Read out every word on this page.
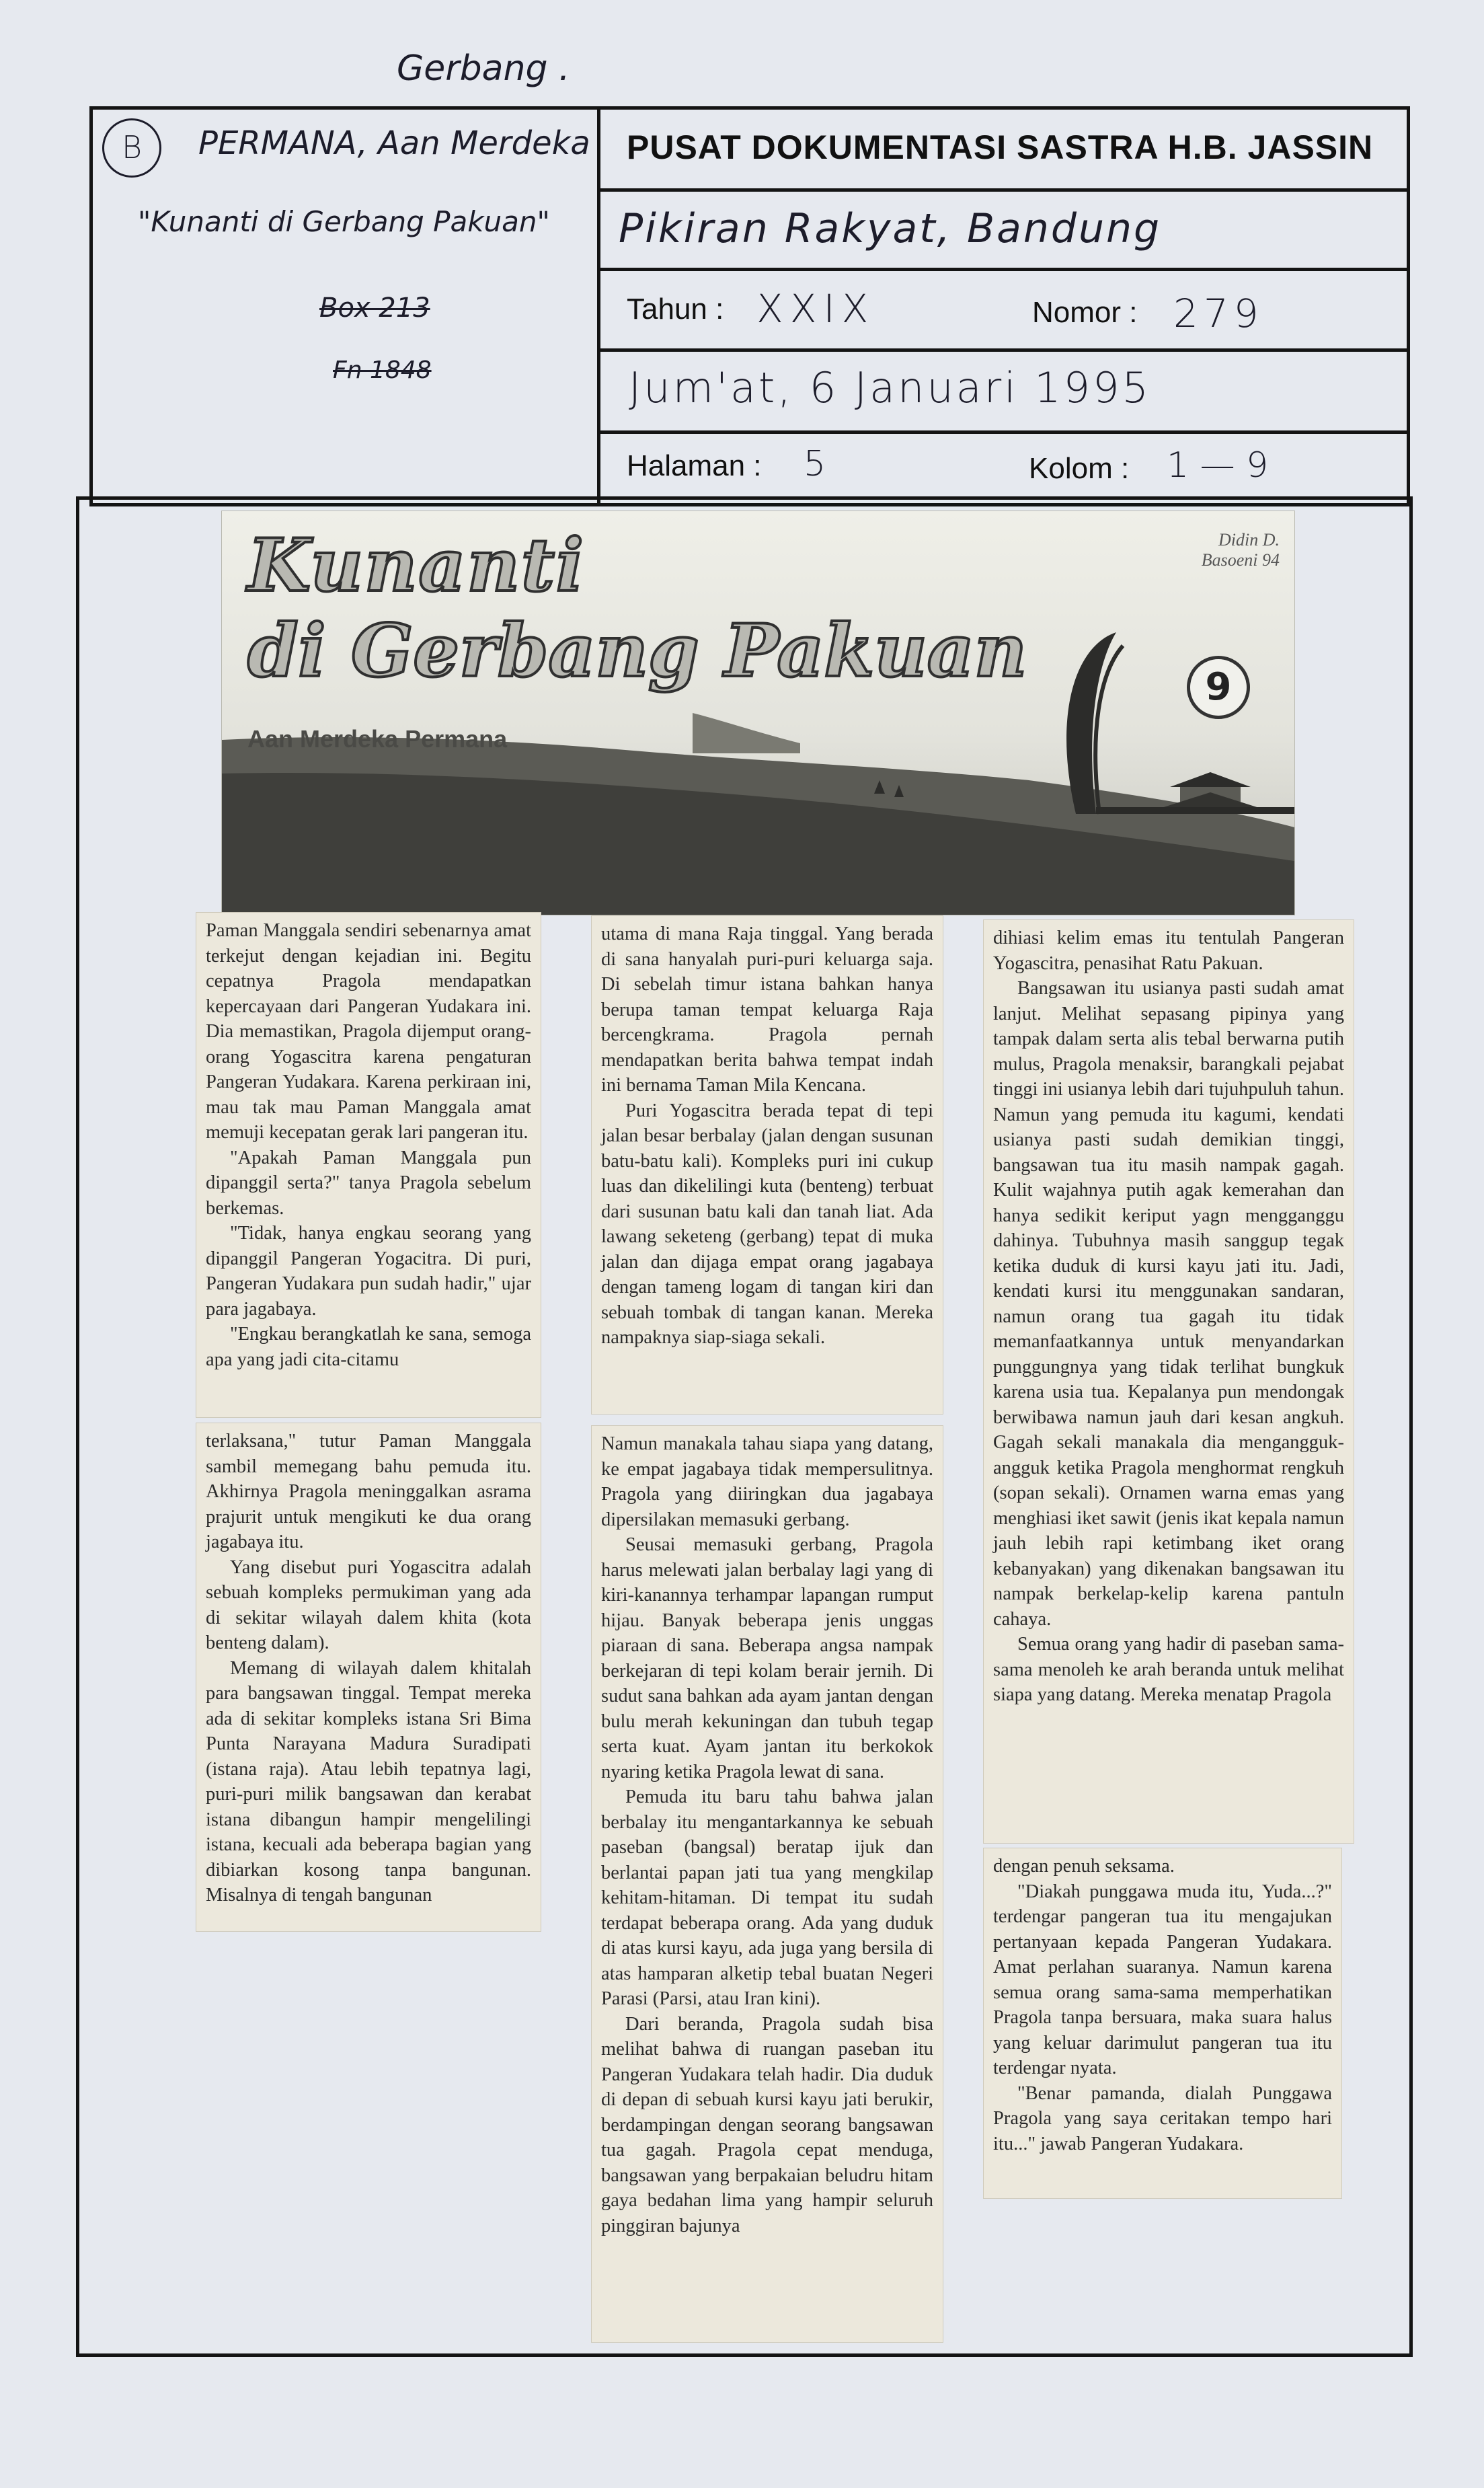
Gerbang .
B	PERMANA, Aan Merdeka
"Kunanti di Gerbang Pakuan"
Box 213
Fn 1848
PUSAT DOKUMENTASI SASTRA H.B. JASSIN
Pikiran Rakyat, Bandung
Tahun : XXIX	Nomor : 279
Jum'at, 6 Januari 1995
Halaman : 5	Kolom : 1 — 9
Kunanti
di Gerbang Pakuan
Aan Merdeka Permana
Didin D.
Basoeni 94
9

Paman Manggala sendiri sebenarnya amat terkejut dengan kejadian ini. Begitu cepatnya Pragola mendapatkan kepercayaan dari Pangeran Yudakara ini. Dia memastikan, Pragola dijemput orang-orang Yogascitra karena pengaturan Pangeran Yudakara. Karena perkiraan ini, mau tak mau Paman Manggala amat memuji kecepatan gerak lari pangeran itu.

"Apakah Paman Manggala pun dipanggil serta?" tanya Pragola sebelum berkemas.

"Tidak, hanya engkau seorang yang dipanggil Pangeran Yogacitra. Di puri, Pangeran Yudakara pun sudah hadir," ujar para jagabaya.

"Engkau berangkatlah ke sana, semoga apa yang jadi cita-citamu

terlaksana," tutur Paman Manggala sambil memegang bahu pemuda itu. Akhirnya Pragola meninggalkan asrama prajurit untuk mengikuti ke dua orang jagabaya itu.

Yang disebut puri Yogascitra adalah sebuah kompleks permukiman yang ada di sekitar wilayah dalem khita (kota benteng dalam).

Memang di wilayah dalem khitalah para bangsawan tinggal. Tempat mereka ada di sekitar kompleks istana Sri Bima Punta Narayana Madura Suradipati (istana raja). Atau lebih tepatnya lagi, puri-puri milik bangsawan dan kerabat istana dibangun hampir mengelilingi istana, kecuali ada beberapa bagian yang dibiarkan kosong tanpa bangunan. Misalnya di tengah bangunan

utama di mana Raja tinggal. Yang berada di sana hanyalah puri-puri keluarga saja. Di sebelah timur istana bahkan hanya berupa taman tempat keluarga Raja bercengkrama. Pragola pernah mendapatkan berita bahwa tempat indah ini bernama Taman Mila Kencana.

Puri Yogascitra berada tepat di tepi jalan besar berbalay (jalan dengan susunan batu-batu kali). Kompleks puri ini cukup luas dan dikelilingi kuta (benteng) terbuat dari susunan batu kali dan tanah liat. Ada lawang seketeng (gerbang) tepat di muka jalan dan dijaga empat orang jagabaya dengan tameng logam di tangan kiri dan sebuah tombak di tangan kanan. Mereka nampaknya siap-siaga sekali.

Namun manakala tahau siapa yang datang, ke empat jagabaya tidak mempersulitnya. Pragola yang diiringkan dua jagabaya dipersilakan memasuki gerbang.

Seusai memasuki gerbang, Pragola harus melewati jalan berbalay lagi yang di kiri-kanannya terhampar lapangan rumput hijau. Banyak beberapa jenis unggas piaraan di sana. Beberapa angsa nampak berkejaran di tepi kolam berair jernih. Di sudut sana bahkan ada ayam jantan dengan bulu merah kekuningan dan tubuh tegap serta kuat. Ayam jantan itu berkokok nyaring ketika Pragola lewat di sana.

Pemuda itu baru tahu bahwa jalan berbalay itu mengantarkannya ke sebuah paseban (bangsal) beratap ijuk dan berlantai papan jati tua yang mengkilap kehitam-hitaman. Di tempat itu sudah terdapat beberapa orang. Ada yang duduk di atas kursi kayu, ada juga yang bersila di atas hamparan alketip tebal buatan Negeri Parasi (Parsi, atau Iran kini).

Dari beranda, Pragola sudah bisa melihat bahwa di ruangan paseban itu Pangeran Yudakara telah hadir. Dia duduk di depan di sebuah kursi kayu jati berukir, berdampingan dengan seorang bangsawan tua gagah. Pragola cepat menduga, bangsawan yang berpakaian beludru hitam gaya bedahan lima yang hampir seluruh pinggiran bajunya

dihiasi kelim emas itu tentulah Pangeran Yogascitra, penasihat Ratu Pakuan.

Bangsawan itu usianya pasti sudah amat lanjut. Melihat sepasang pipinya yang tampak dalam serta alis tebal berwarna putih mulus, Pragola menaksir, barangkali pejabat tinggi ini usianya lebih dari tujuhpuluh tahun. Namun yang pemuda itu kagumi, kendati usianya pasti sudah demikian tinggi, bangsawan tua itu masih nampak gagah. Kulit wajahnya putih agak kemerahan dan hanya sedikit keriput yagn mengganggu dahinya. Tubuhnya masih sanggup tegak ketika duduk di kursi kayu jati itu. Jadi, kendati kursi itu menggunakan sandaran, namun orang tua gagah itu tidak memanfaatkannya untuk menyandarkan punggungnya yang tidak terlihat bungkuk karena usia tua. Kepalanya pun mendongak berwibawa namun jauh dari kesan angkuh. Gagah sekali manakala dia mengangguk-angguk ketika Pragola menghormat rengkuh (sopan sekali). Ornamen warna emas yang menghiasi iket sawit (jenis ikat kepala namun jauh lebih rapi ketimbang iket orang kebanyakan) yang dikenakan bangsawan itu nampak berkelap-kelip karena pantuln cahaya.

Semua orang yang hadir di paseban sama-sama menoleh ke arah beranda untuk melihat siapa yang datang. Mereka menatap Pragola

dengan penuh seksama.

"Diakah punggawa muda itu, Yuda...?" terdengar pangeran tua itu mengajukan pertanyaan kepada Pangeran Yudakara. Amat perlahan suaranya. Namun karena semua orang sama-sama memperhatikan Pragola tanpa bersuara, maka suara halus yang keluar darimulut pangeran tua itu terdengar nyata.

"Benar pamanda, dialah Punggawa Pragola yang saya ceritakan tempo hari itu..." jawab Pangeran Yudakara.
